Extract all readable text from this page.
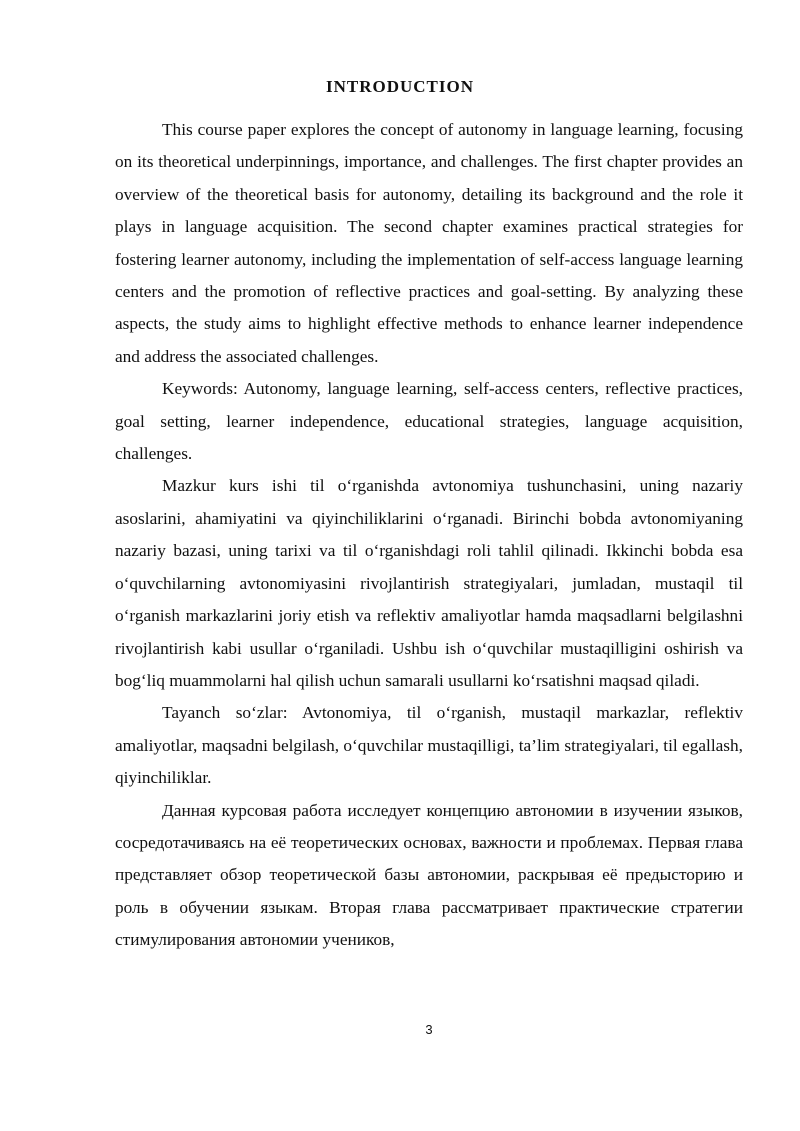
INTRODUCTION

This course paper explores the concept of autonomy in language learning, focusing on its theoretical underpinnings, importance, and challenges. The first chapter provides an overview of the theoretical basis for autonomy, detailing its background and the role it plays in language acquisition. The second chapter examines practical strategies for fostering learner autonomy, including the implementation of self-access language learning centers and the promotion of reflective practices and goal-setting. By analyzing these aspects, the study aims to highlight effective methods to enhance learner independence and address the associated challenges.

Keywords: Autonomy, language learning, self-access centers, reflective practices, goal setting, learner independence, educational strategies, language acquisition, challenges.

Mazkur kurs ishi til oʻrganishda avtonomiya tushunchasini, uning nazariy asoslarini, ahamiyatini va qiyinchiliklarini oʻrganadi. Birinchi bobda avtonomiyaning nazariy bazasi, uning tarixi va til oʻrganishdagi roli tahlil qilinadi. Ikkinchi bobda esa oʻquvchilarning avtonomiyasini rivojlantirish strategiyalari, jumladan, mustaqil til oʻrganish markazlarini joriy etish va reflektiv amaliyotlar hamda maqsadlarni belgilashni rivojlantirish kabi usullar oʻrganiladi. Ushbu ish oʻquvchilar mustaqilligini oshirish va bogʻliq muammolarni hal qilish uchun samarali usullarni koʻrsatishni maqsad qiladi.

Tayanch soʻzlar: Avtonomiya, til oʻrganish, mustaqil markazlar, reflektiv amaliyotlar, maqsadni belgilash, oʻquvchilar mustaqilligi, ta’lim strategiyalari, til egallash, qiyinchiliklar.

Данная курсовая работа исследует концепцию автономии в изучении языков, сосредотачиваясь на её теоретических основах, важности и проблемах. Первая глава представляет обзор теоретической базы автономии, раскрывая её предысторию и роль в обучении языкам. Вторая глава рассматривает практические стратегии стимулирования автономии учеников,

3
